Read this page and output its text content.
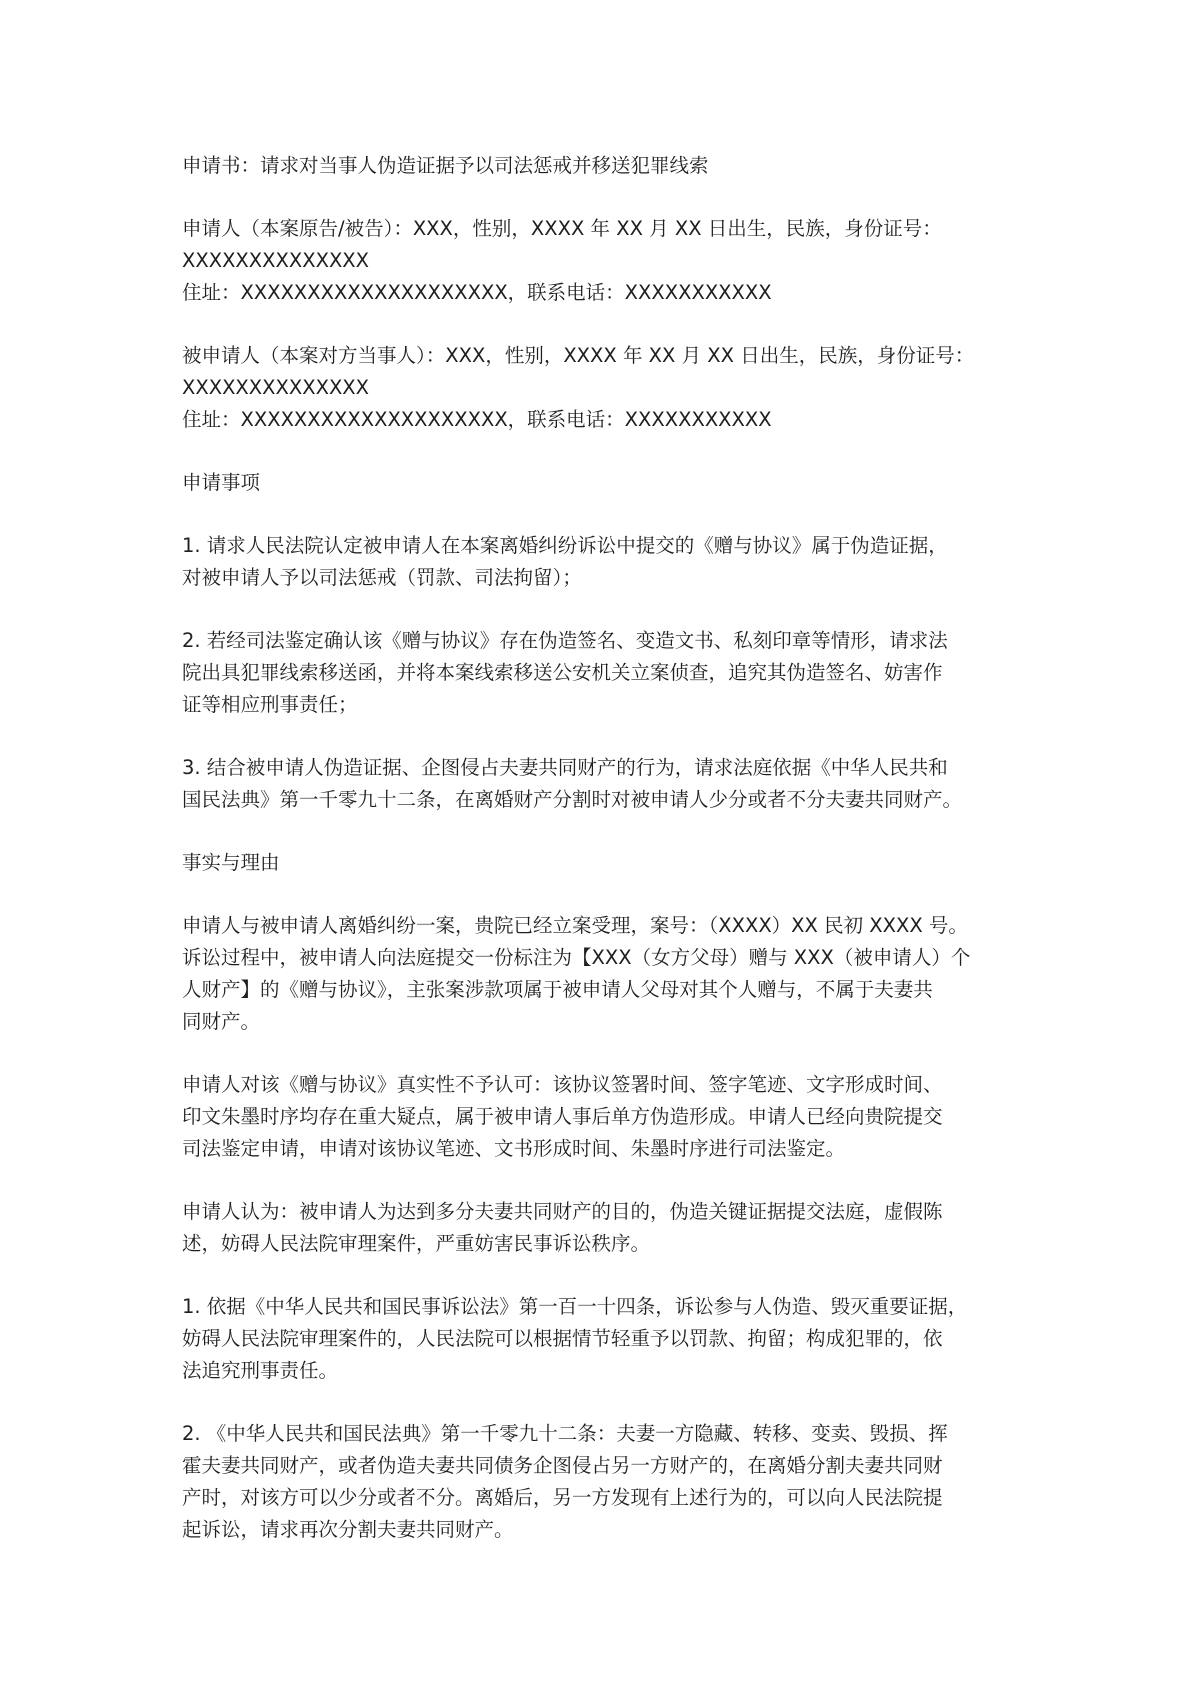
申请书：请求对当事人伪造证据予以司法惩戒并移送犯罪线索

申请人（本案原告/被告）：XXX，性别，XXXX 年 XX 月 XX 日出生，民族，身份证号：
XXXXXXXXXXXXXX
住址：XXXXXXXXXXXXXXXXXXXX，联系电话：XXXXXXXXXXX

被申请人（本案对方当事人）：XXX，性别，XXXX 年 XX 月 XX 日出生，民族，身份证号：
XXXXXXXXXXXXXX
住址：XXXXXXXXXXXXXXXXXXXX，联系电话：XXXXXXXXXXX

申请事项

1. 请求人民法院认定被申请人在本案离婚纠纷诉讼中提交的《赠与协议》属于伪造证据，
对被申请人予以司法惩戒（罚款、司法拘留）；

2. 若经司法鉴定确认该《赠与协议》存在伪造签名、变造文书、私刻印章等情形，请求法
院出具犯罪线索移送函，并将本案线索移送公安机关立案侦查，追究其伪造签名、妨害作
证等相应刑事责任；

3. 结合被申请人伪造证据、企图侵占夫妻共同财产的行为，请求法庭依据《中华人民共和
国民法典》第一千零九十二条，在离婚财产分割时对被申请人少分或者不分夫妻共同财产。

事实与理由

申请人与被申请人离婚纠纷一案，贵院已经立案受理，案号：（XXXX）XX 民初 XXXX 号。
诉讼过程中，被申请人向法庭提交一份标注为【XXX（女方父母）赠与 XXX（被申请人）个
人财产】的《赠与协议》，主张案涉款项属于被申请人父母对其个人赠与，不属于夫妻共
同财产。

申请人对该《赠与协议》真实性不予认可：该协议签署时间、签字笔迹、文字形成时间、
印文朱墨时序均存在重大疑点，属于被申请人事后单方伪造形成。申请人已经向贵院提交
司法鉴定申请，申请对该协议笔迹、文书形成时间、朱墨时序进行司法鉴定。

申请人认为：被申请人为达到多分夫妻共同财产的目的，伪造关键证据提交法庭，虚假陈
述，妨碍人民法院审理案件，严重妨害民事诉讼秩序。

1. 依据《中华人民共和国民事诉讼法》第一百一十四条，诉讼参与人伪造、毁灭重要证据，
妨碍人民法院审理案件的，人民法院可以根据情节轻重予以罚款、拘留；构成犯罪的，依
法追究刑事责任。

2. 《中华人民共和国民法典》第一千零九十二条：夫妻一方隐藏、转移、变卖、毁损、挥
霍夫妻共同财产，或者伪造夫妻共同债务企图侵占另一方财产的，在离婚分割夫妻共同财
产时，对该方可以少分或者不分。离婚后，另一方发现有上述行为的，可以向人民法院提
起诉讼，请求再次分割夫妻共同财产。
